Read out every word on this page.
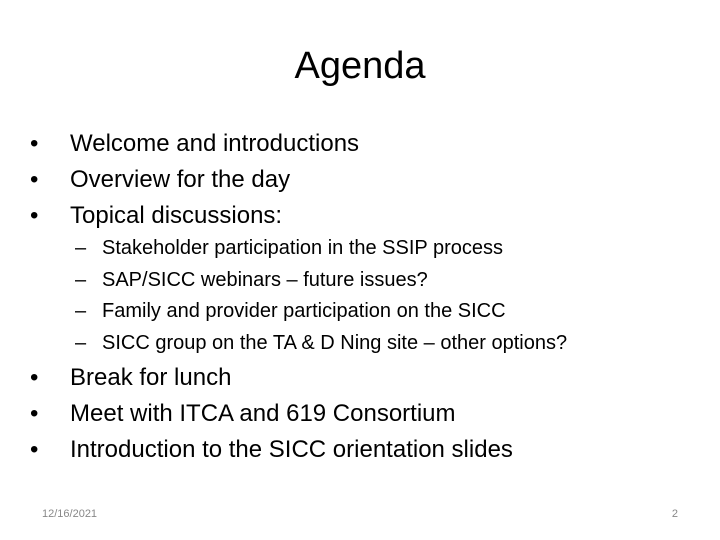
Agenda
•	Welcome and introductions
•	Overview for the day
•	Topical discussions:
– Stakeholder participation in the SSIP process
– SAP/SICC webinars – future issues?
– Family and provider participation on the SICC
– SICC group on the TA & D Ning site – other options?
•	Break for lunch
•	Meet with ITCA and 619 Consortium
•	Introduction to the SICC orientation slides
12/16/2021	2
